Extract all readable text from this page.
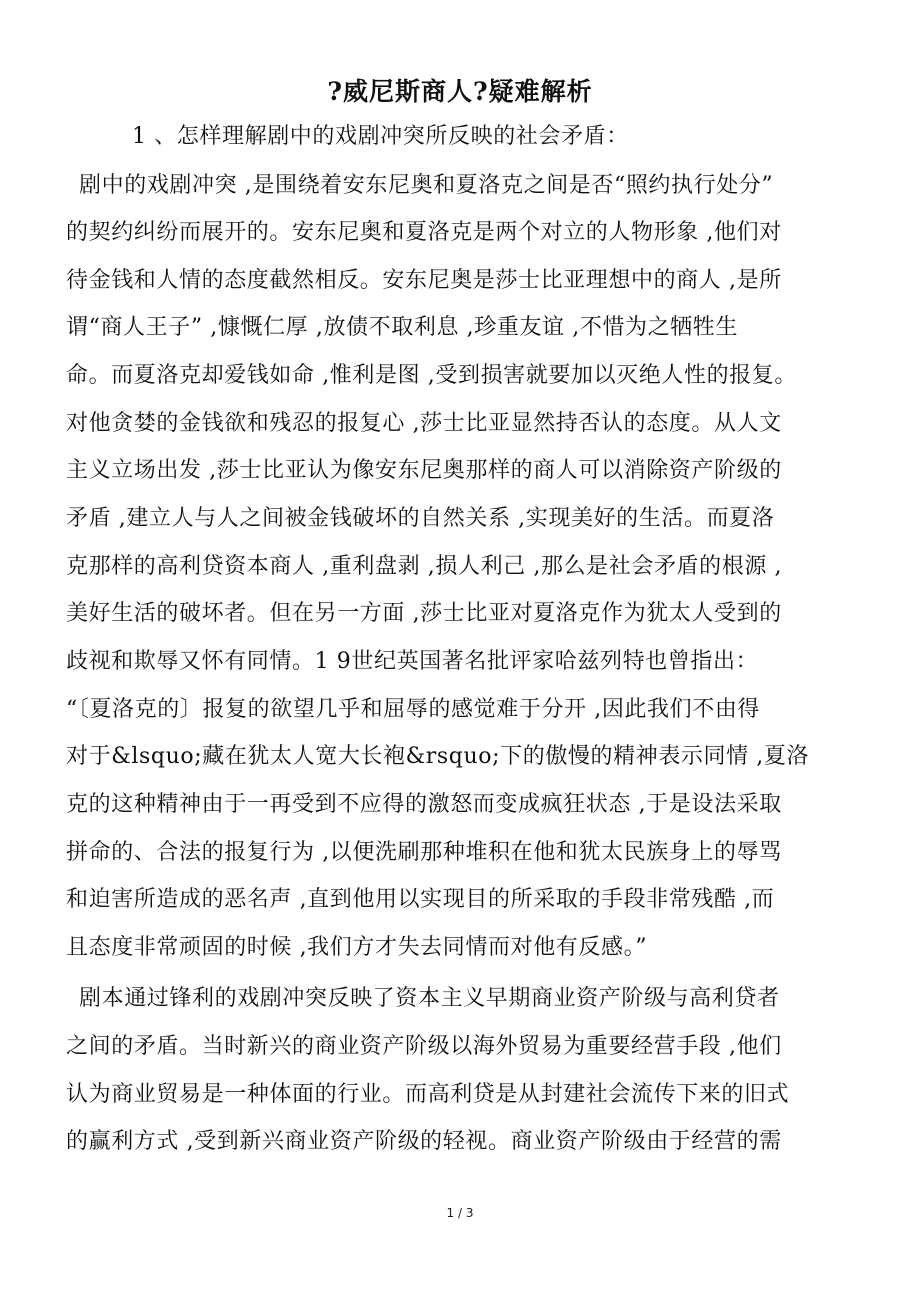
?威尼斯商人?疑难解析
1 、怎样理解剧中的戏剧冲突所反映的社会矛盾：
剧中的戏剧冲突 ,是围绕着安东尼奥和夏洛克之间是否“照约执行处分”
的契约纠纷而展开的。安东尼奥和夏洛克是两个对立的人物形象 ,他们对
待金钱和人情的态度截然相反。安东尼奥是莎士比亚理想中的商人 ,是所
谓“商人王子” ,慷慨仁厚 ,放债不取利息 ,珍重友谊 ,不惜为之牺牲生
命。而夏洛克却爱钱如命 ,惟利是图 ,受到损害就要加以灭绝人性的报复。
对他贪婪的金钱欲和残忍的报复心 ,莎士比亚显然持否认的态度。从人文
主义立场出发 ,莎士比亚认为像安东尼奥那样的商人可以消除资产阶级的
矛盾 ,建立人与人之间被金钱破坏的自然关系 ,实现美好的生活。而夏洛
克那样的高利贷资本商人 ,重利盘剥 ,损人利己 ,那么是社会矛盾的根源 ,
美好生活的破坏者。但在另一方面 ,莎士比亚对夏洛克作为犹太人受到的
歧视和欺辱又怀有同情。1 9世纪英国著名批评家哈兹列特也曾指出：
“〔夏洛克的〕报复的欲望几乎和屈辱的感觉难于分开 ,因此我们不由得
对于&lsquo;藏在犹太人宽大长袍&rsquo;下的傲慢的精神表示同情 ,夏洛
克的这种精神由于一再受到不应得的激怒而变成疯狂状态 ,于是设法采取
拼命的、合法的报复行为 ,以便洗刷那种堆积在他和犹太民族身上的辱骂
和迫害所造成的恶名声 ,直到他用以实现目的所采取的手段非常残酷 ,而
且态度非常顽固的时候 ,我们方才失去同情而对他有反感。”
剧本通过锋利的戏剧冲突反映了资本主义早期商业资产阶级与高利贷者
之间的矛盾。当时新兴的商业资产阶级以海外贸易为重要经营手段 ,他们
认为商业贸易是一种体面的行业。而高利贷是从封建社会流传下来的旧式
的赢利方式 ,受到新兴商业资产阶级的轻视。商业资产阶级由于经营的需
1 / 3
